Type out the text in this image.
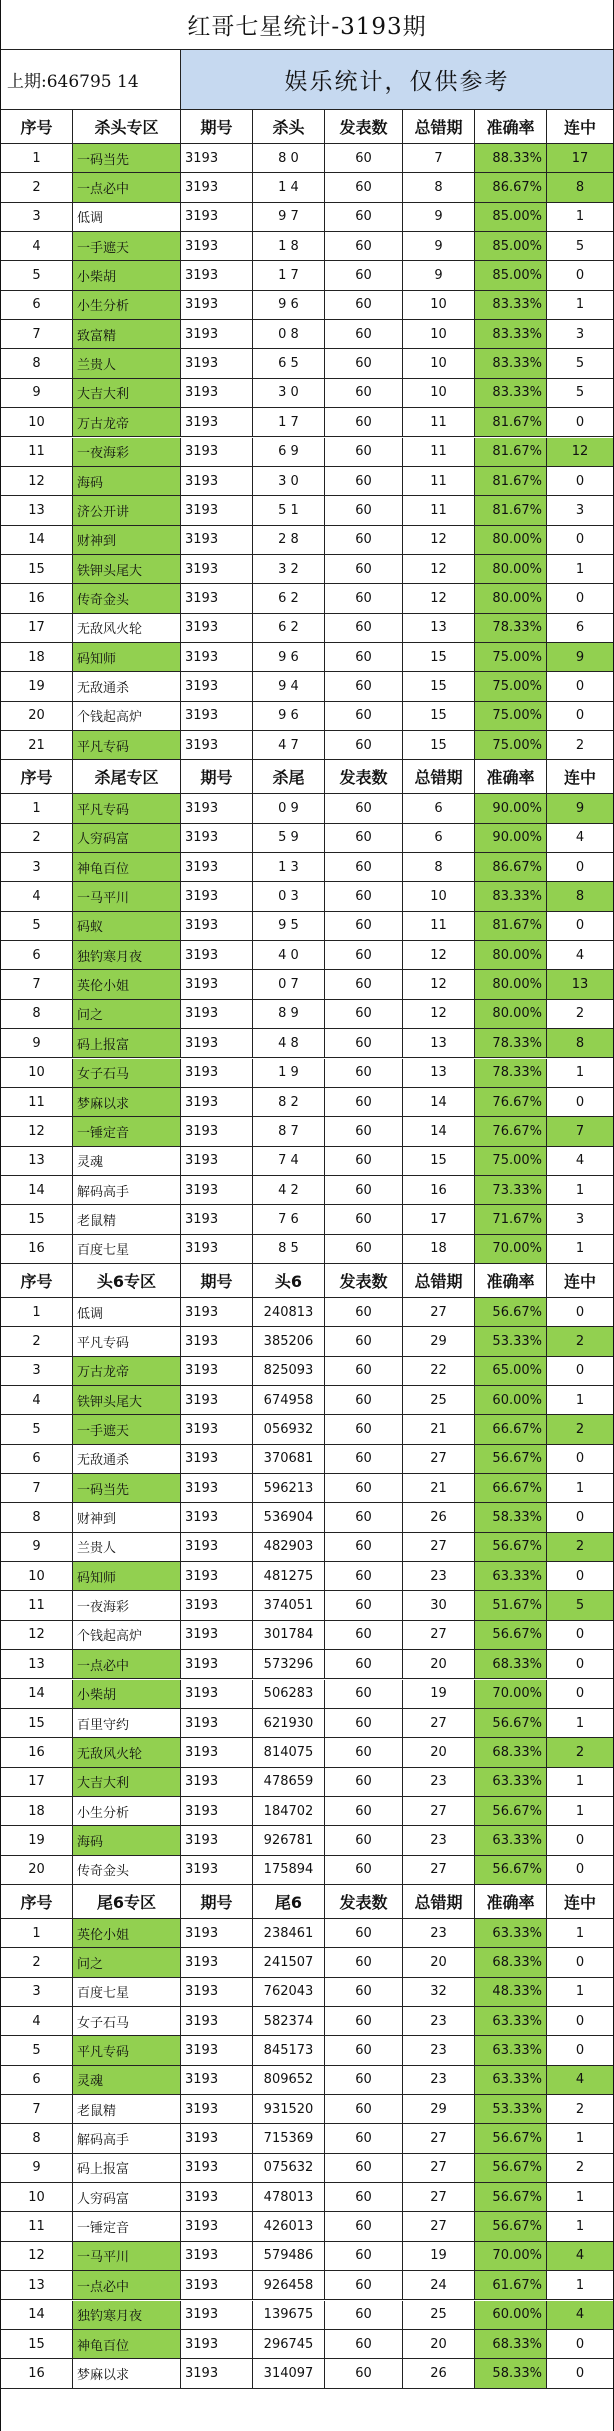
红哥七星统计-3193期
上期:646795 14	娱乐统计，仅供参考
序号	杀头专区	期号	杀头	发表数	总错期	准确率	连中
1	一码当先	3193	8 0	60	7	88.33%	17
2	一点必中	3193	1 4	60	8	86.67%	8
3	低调	3193	9 7	60	9	85.00%	1
4	一手遮天	3193	1 8	60	9	85.00%	5
5	小柴胡	3193	1 7	60	9	85.00%	0
6	小生分析	3193	9 6	60	10	83.33%	1
7	致富精	3193	0 8	60	10	83.33%	3
8	兰贵人	3193	6 5	60	10	83.33%	5
9	大吉大利	3193	3 0	60	10	83.33%	5
10	万古龙帝	3193	1 7	60	11	81.67%	0
11	一夜海彩	3193	6 9	60	11	81.67%	12
12	海码	3193	3 0	60	11	81.67%	0
13	济公开讲	3193	5 1	60	11	81.67%	3
14	财神到	3193	2 8	60	12	80.00%	0
15	铁钾头尾大	3193	3 2	60	12	80.00%	1
16	传奇金头	3193	6 2	60	12	80.00%	0
17	无敌风火轮	3193	6 2	60	13	78.33%	6
18	码知师	3193	9 6	60	15	75.00%	9
19	无敌通杀	3193	9 4	60	15	75.00%	0
20	个钱起高炉	3193	9 6	60	15	75.00%	0
21	平凡专码	3193	4 7	60	15	75.00%	2
序号	杀尾专区	期号	杀尾	发表数	总错期	准确率	连中
1	平凡专码	3193	0 9	60	6	90.00%	9
2	人穷码富	3193	5 9	60	6	90.00%	4
3	神龟百位	3193	1 3	60	8	86.67%	0
4	一马平川	3193	0 3	60	10	83.33%	8
5	码蚁	3193	9 5	60	11	81.67%	0
6	独钓寒月夜	3193	4 0	60	12	80.00%	4
7	英伦小姐	3193	0 7	60	12	80.00%	13
8	问之	3193	8 9	60	12	80.00%	2
9	码上报富	3193	4 8	60	13	78.33%	8
10	女子石马	3193	1 9	60	13	78.33%	1
11	梦麻以求	3193	8 2	60	14	76.67%	0
12	一锤定音	3193	8 7	60	14	76.67%	7
13	灵魂	3193	7 4	60	15	75.00%	4
14	解码高手	3193	4 2	60	16	73.33%	1
15	老鼠精	3193	7 6	60	17	71.67%	3
16	百度七星	3193	8 5	60	18	70.00%	1
序号	头6专区	期号	头6	发表数	总错期	准确率	连中
1	低调	3193	240813	60	27	56.67%	0
2	平凡专码	3193	385206	60	29	53.33%	2
3	万古龙帝	3193	825093	60	22	65.00%	0
4	铁钾头尾大	3193	674958	60	25	60.00%	1
5	一手遮天	3193	056932	60	21	66.67%	2
6	无敌通杀	3193	370681	60	27	56.67%	0
7	一码当先	3193	596213	60	21	66.67%	1
8	财神到	3193	536904	60	26	58.33%	0
9	兰贵人	3193	482903	60	27	56.67%	2
10	码知师	3193	481275	60	23	63.33%	0
11	一夜海彩	3193	374051	60	30	51.67%	5
12	个钱起高炉	3193	301784	60	27	56.67%	0
13	一点必中	3193	573296	60	20	68.33%	0
14	小柴胡	3193	506283	60	19	70.00%	0
15	百里守约	3193	621930	60	27	56.67%	1
16	无敌风火轮	3193	814075	60	20	68.33%	2
17	大吉大利	3193	478659	60	23	63.33%	1
18	小生分析	3193	184702	60	27	56.67%	1
19	海码	3193	926781	60	23	63.33%	0
20	传奇金头	3193	175894	60	27	56.67%	0
序号	尾6专区	期号	尾6	发表数	总错期	准确率	连中
1	英伦小姐	3193	238461	60	23	63.33%	1
2	问之	3193	241507	60	20	68.33%	0
3	百度七星	3193	762043	60	32	48.33%	1
4	女子石马	3193	582374	60	23	63.33%	0
5	平凡专码	3193	845173	60	23	63.33%	0
6	灵魂	3193	809652	60	23	63.33%	4
7	老鼠精	3193	931520	60	29	53.33%	2
8	解码高手	3193	715369	60	27	56.67%	1
9	码上报富	3193	075632	60	27	56.67%	2
10	人穷码富	3193	478013	60	27	56.67%	1
11	一锤定音	3193	426013	60	27	56.67%	1
12	一马平川	3193	579486	60	19	70.00%	4
13	一点必中	3193	926458	60	24	61.67%	1
14	独钓寒月夜	3193	139675	60	25	60.00%	4
15	神龟百位	3193	296745	60	20	68.33%	0
16	梦麻以求	3193	314097	60	26	58.33%	0
